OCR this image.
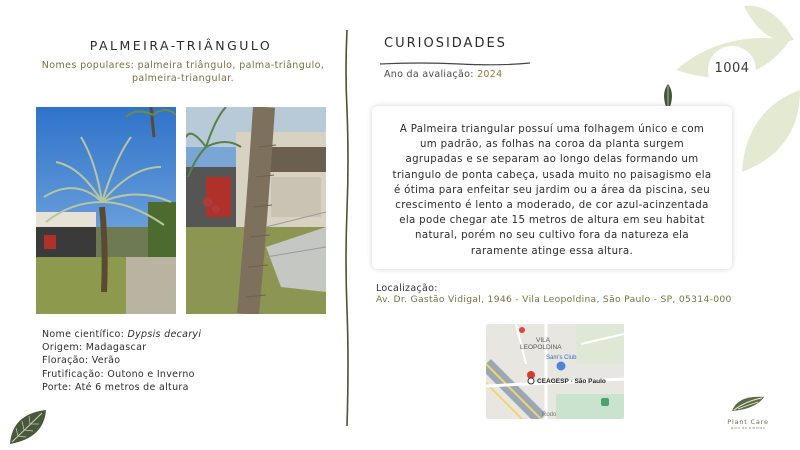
PALMEIRA-TRIÂNGULO
Nomes populares: palmeira triângulo, palma-triângulo, palmeira-triangular.
Nome científico: Dypsis decaryi
Origem: Madagascar
Floração: Verão
Frutificação: Outono e Inverno
Porte: Até 6 metros de altura
CURIOSIDADES
Ano da avaliação: 2024
A Palmeira triangular possuí uma folhagem único e com um padrão, as folhas na coroa da planta surgem agrupadas e se separam ao longo delas formando um triangulo de ponta cabeça, usada muito no paisagismo ela é ótima para enfeitar seu jardim ou a área da piscina, seu crescimento é lento a moderado, de cor azul-acinzentada ela pode chegar ate 15 metros de altura em seu habitat natural, porém no seu cultivo fora da natureza ela raramente atinge essa altura.
Localização:
Av. Dr. Gastão Vidigal, 1946 - Vila Leopoldina, São Paulo - SP, 05314-000
VILA
LEOPOLDINA
Sam's Club
CEAGESP - São Paulo
Rodo
1004
Plant Care
guia de plantas
